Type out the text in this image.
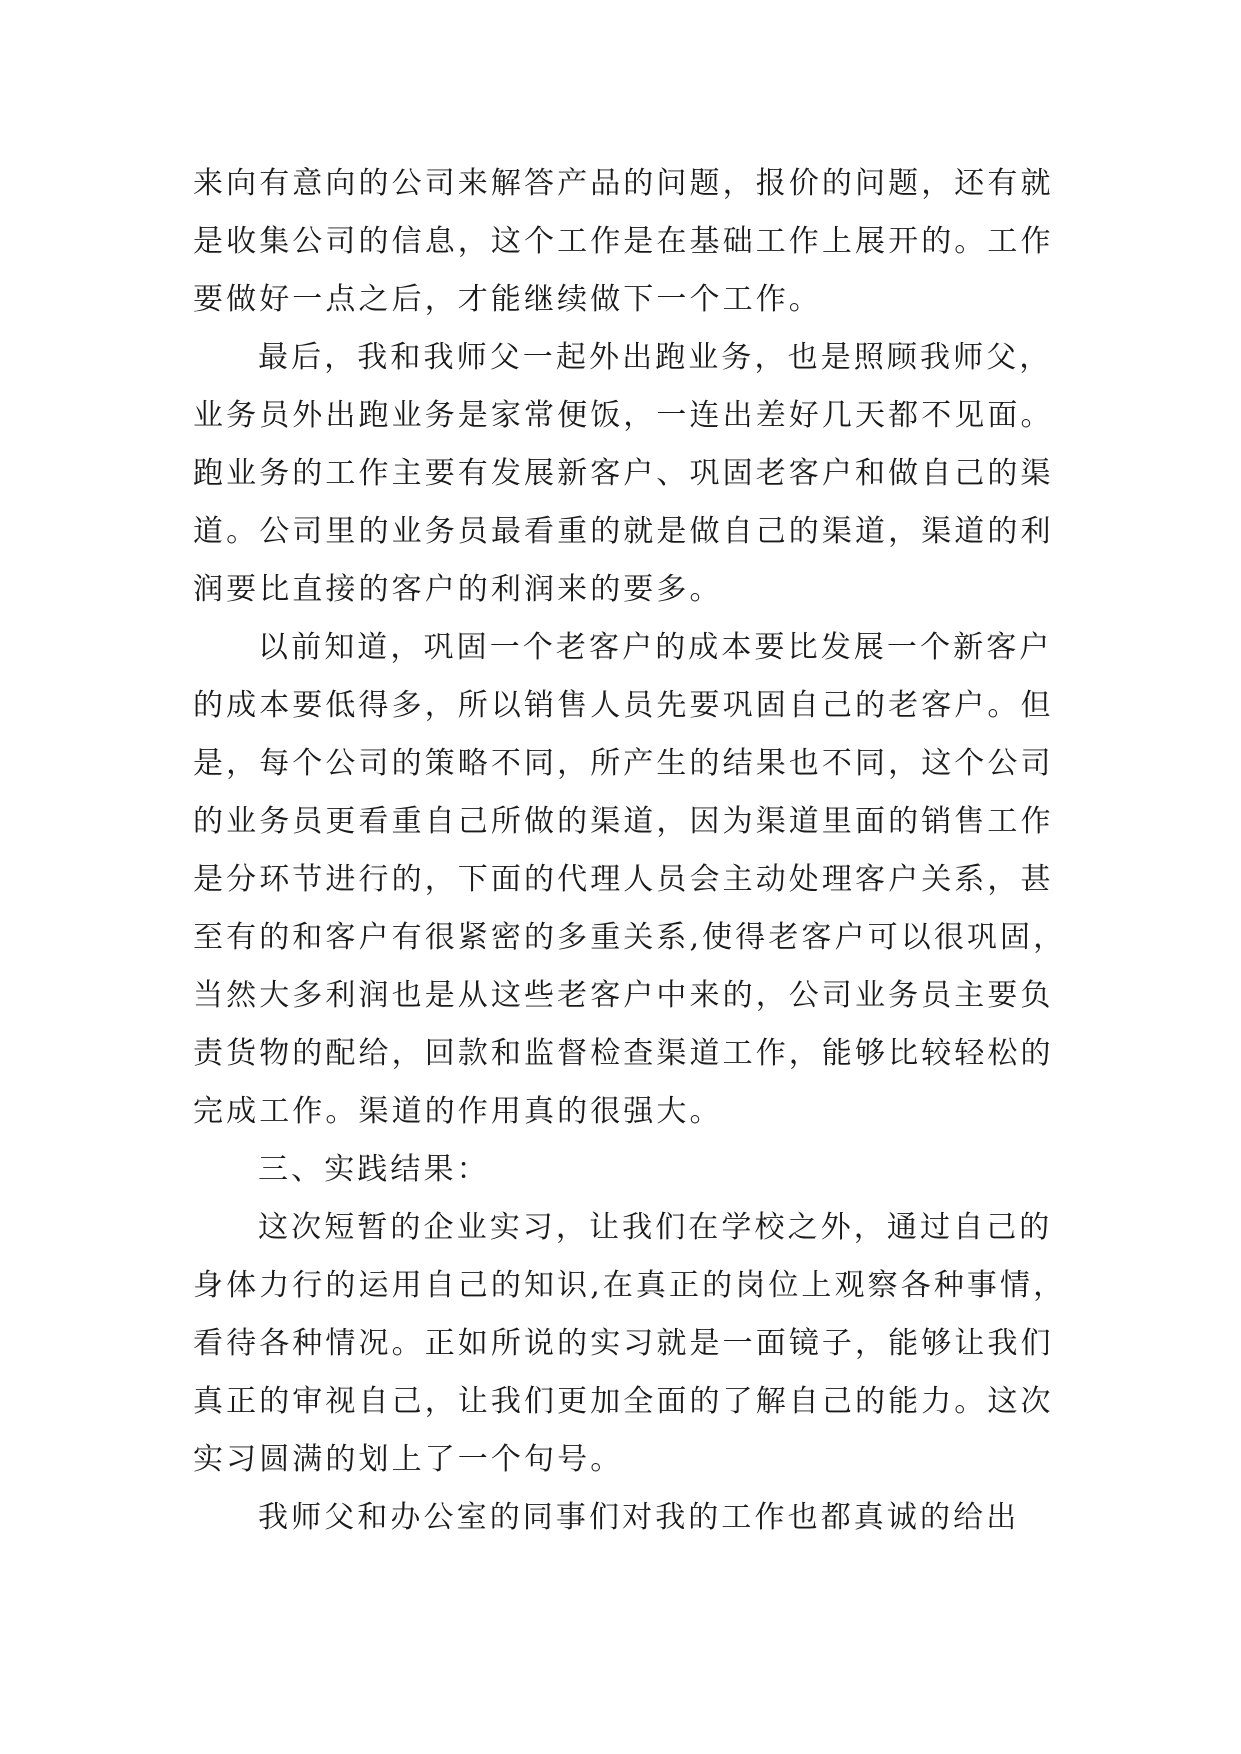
来向有意向的公司来解答产品的问题，报价的问题，还有就

是收集公司的信息，这个工作是在基础工作上展开的。工作

要做好一点之后，才能继续做下一个工作。

最后，我和我师父一起外出跑业务，也是照顾我师父，

业务员外出跑业务是家常便饭，一连出差好几天都不见面。

跑业务的工作主要有发展新客户、巩固老客户和做自己的渠

道。公司里的业务员最看重的就是做自己的渠道，渠道的利

润要比直接的客户的利润来的要多。

以前知道，巩固一个老客户的成本要比发展一个新客户

的成本要低得多，所以销售人员先要巩固自己的老客户。但

是，每个公司的策略不同，所产生的结果也不同，这个公司

的业务员更看重自己所做的渠道，因为渠道里面的销售工作

是分环节进行的，下面的代理人员会主动处理客户关系，甚

至有的和客户有很紧密的多重关系,使得老客户可以很巩固，

当然大多利润也是从这些老客户中来的，公司业务员主要负

责货物的配给，回款和监督检查渠道工作，能够比较轻松的

完成工作。渠道的作用真的很强大。

三、实践结果：

这次短暂的企业实习，让我们在学校之外，通过自己的

身体力行的运用自己的知识,在真正的岗位上观察各种事情，

看待各种情况。正如所说的实习就是一面镜子，能够让我们

真正的审视自己，让我们更加全面的了解自己的能力。这次

实习圆满的划上了一个句号。

我师父和办公室的同事们对我的工作也都真诚的给出
